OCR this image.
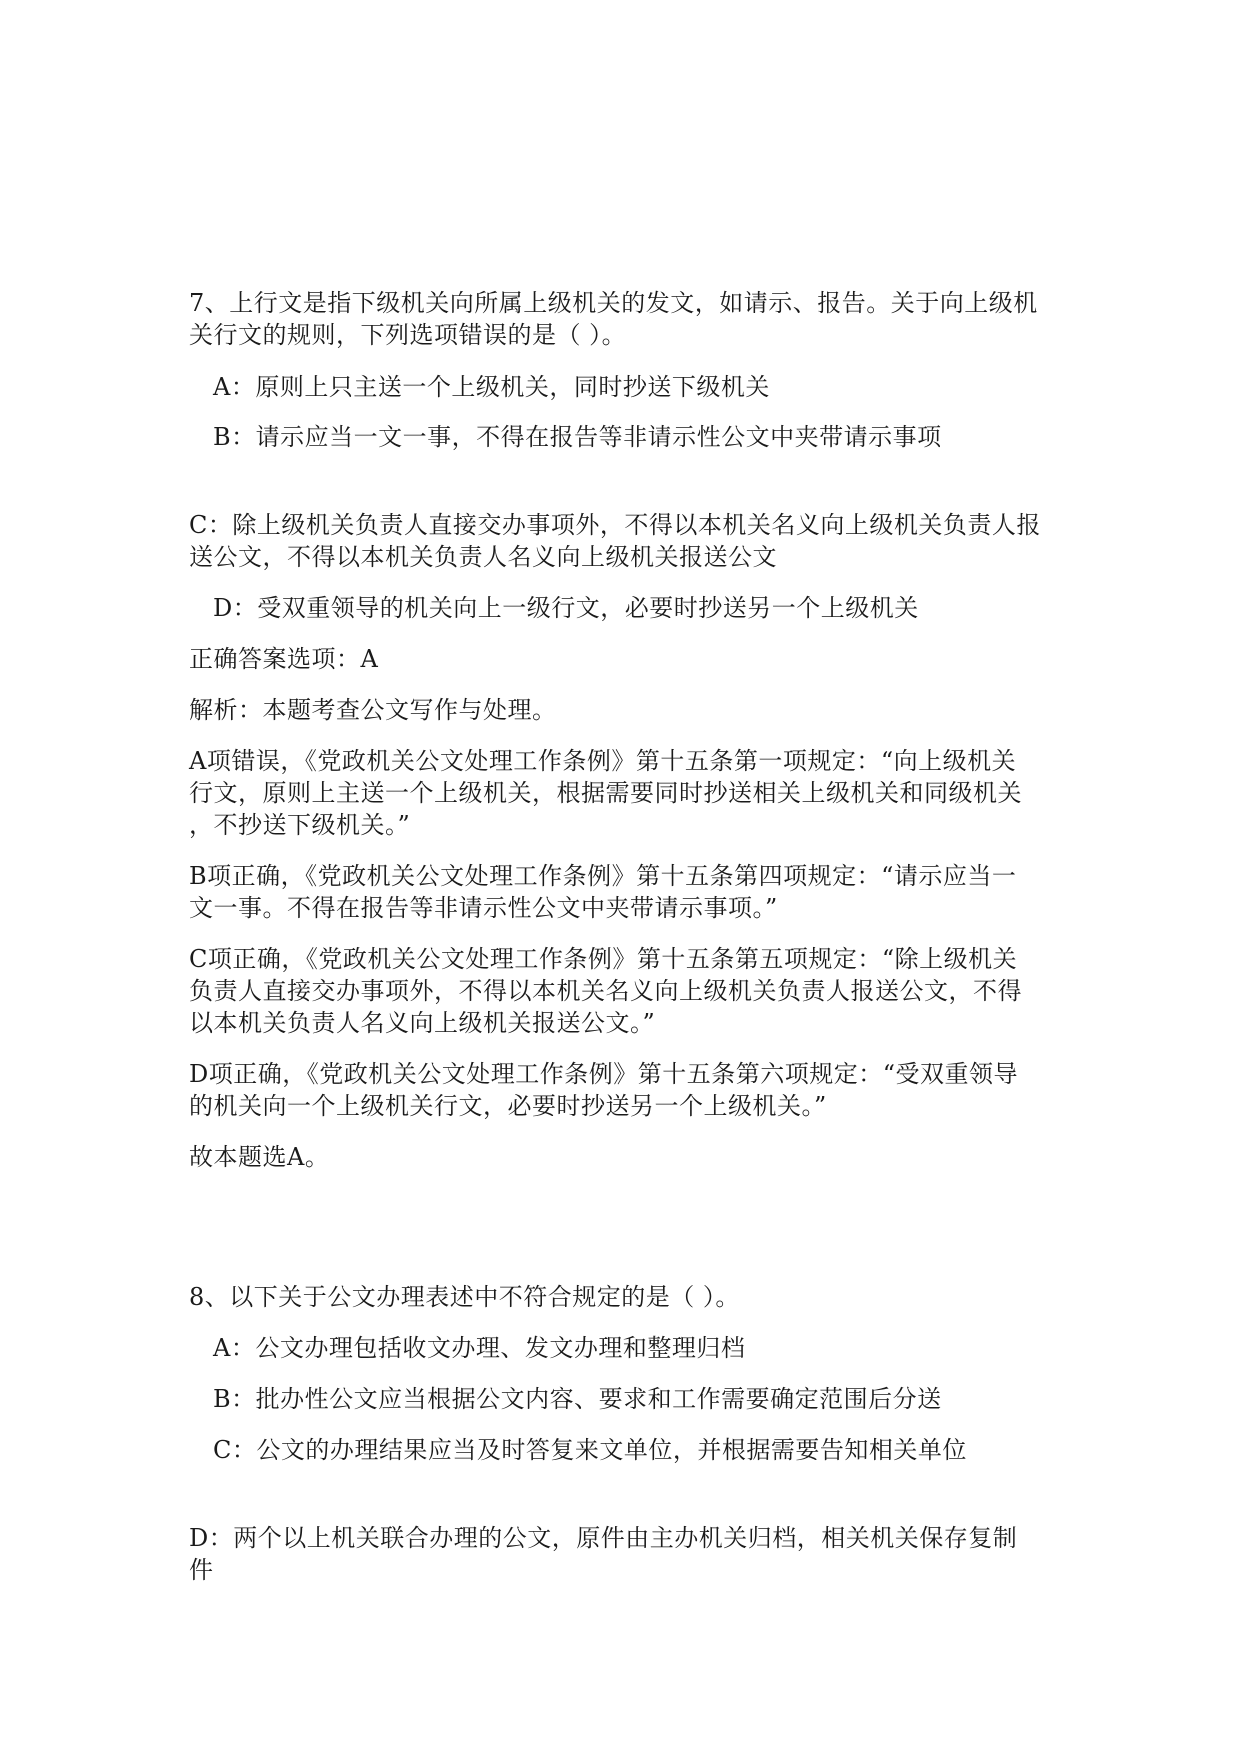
7、上行文是指下级机关向所属上级机关的发文，如请示、报告。关于向上级机
关行文的规则，下列选项错误的是（ ）。
A：原则上只主送一个上级机关，同时抄送下级机关
B：请示应当一文一事，不得在报告等非请示性公文中夹带请示事项
C：除上级机关负责人直接交办事项外，不得以本机关名义向上级机关负责人报
送公文，不得以本机关负责人名义向上级机关报送公文
D：受双重领导的机关向上一级行文，必要时抄送另一个上级机关
正确答案选项：A
解析：本题考查公文写作与处理。
A项错误，《党政机关公文处理工作条例》第十五条第一项规定：“向上级机关
行文，原则上主送一个上级机关，根据需要同时抄送相关上级机关和同级机关
，不抄送下级机关。”
B项正确，《党政机关公文处理工作条例》第十五条第四项规定：“请示应当一
文一事。不得在报告等非请示性公文中夹带请示事项。”
C项正确，《党政机关公文处理工作条例》第十五条第五项规定：“除上级机关
负责人直接交办事项外，不得以本机关名义向上级机关负责人报送公文，不得
以本机关负责人名义向上级机关报送公文。”
D项正确，《党政机关公文处理工作条例》第十五条第六项规定：“受双重领导
的机关向一个上级机关行文，必要时抄送另一个上级机关。”
故本题选A。
8、以下关于公文办理表述中不符合规定的是（ ）。
A：公文办理包括收文办理、发文办理和整理归档
B：批办性公文应当根据公文内容、要求和工作需要确定范围后分送
C：公文的办理结果应当及时答复来文单位，并根据需要告知相关单位
D：两个以上机关联合办理的公文，原件由主办机关归档，相关机关保存复制
件
